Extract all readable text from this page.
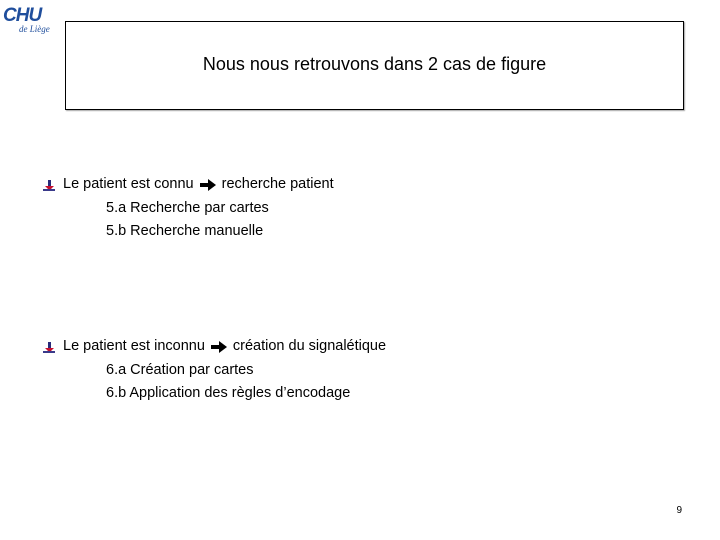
CHU
de Liège
Nous nous retrouvons dans 2 cas de figure
Le patient est connu recherche patient
5.a Recherche par cartes
5.b Recherche manuelle
Le patient est inconnu création du signalétique
6.a Création par cartes
6.b Application des règles d’encodage
9
